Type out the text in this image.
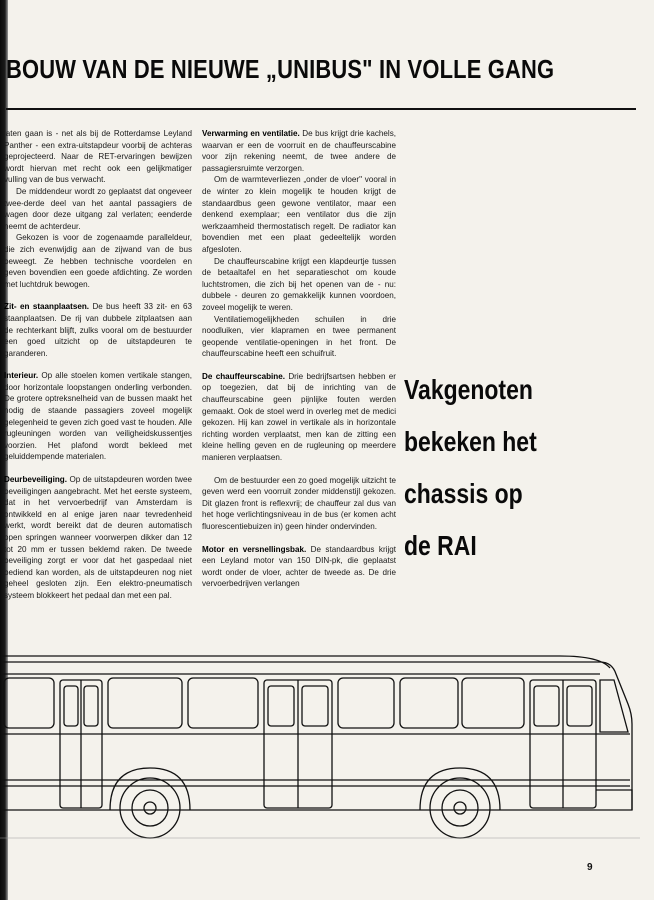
BOUW VAN DE NIEUWE „UNIBUS" IN VOLLE GANG

laten gaan is - net als bij de Rotterdamse Leyland Panther - een extra-uitstapdeur voorbij de achteras geprojecteerd. Naar de RET-ervaringen bewijzen wordt hiervan met recht ook een gelijkmatiger vulling van de bus verwacht.

De middendeur wordt zo geplaatst dat ongeveer twee-derde deel van het aantal passagiers de wagen door deze uitgang zal verlaten; eenderde neemt de achterdeur.

Gekozen is voor de zogenaamde paralleldeur, die zich evenwijdig aan de zijwand van de bus beweegt. Ze hebben technische voordelen en geven bovendien een goede afdichting. Ze worden met luchtdruk bewogen.

Zit- en staanplaatsen. De bus heeft 33 zit- en 63 staanplaatsen. De rij van dubbele zitplaatsen aan de rechterkant blijft, zulks vooral om de bestuurder een goed uitzicht op de uitstapdeuren te garanderen.

Interieur. Op alle stoelen komen vertikale stangen, door horizontale loopstangen onderling verbonden. De grotere optreksnelheid van de bussen maakt het nodig de staande passagiers zoveel mogelijk gelegenheid te geven zich goed vast te houden. Alle rugleuningen worden van veiligheidskussentjes voorzien. Het plafond wordt bekleed met geluiddempende materialen.

Deurbeveiliging. Op de uitstapdeuren worden twee beveiligingen aangebracht. Met het eerste systeem, dat in het vervoerbedrijf van Amsterdam is ontwikkeld en al enige jaren naar tevredenheid werkt, wordt bereikt dat de deuren automatisch open springen wanneer voorwerpen dikker dan 12 tot 20 mm er tussen beklemd raken. De tweede beveiliging zorgt er voor dat het gaspedaal niet bediend kan worden, als de uitstapdeuren nog niet geheel gesloten zijn. Een elektro-pneumatisch systeem blokkeert het pedaal dan met een pal.

Verwarming en ventilatie. De bus krijgt drie kachels, waarvan er een de voorruit en de chauffeurscabine voor zijn rekening neemt, de twee andere de passagiersruimte verzorgen.

Om de warmteverliezen „onder de vloer" vooral in de winter zo klein mogelijk te houden krijgt de standaardbus geen gewone ventilator, maar een denkend exemplaar; een ventilator dus die zijn werkzaamheid thermostatisch regelt. De radiator kan bovendien met een plaat gedeeltelijk worden afgesloten.

De chauffeurscabine krijgt een klapdeurtje tussen de betaaltafel en het separatieschot om koude luchtstromen, die zich bij het openen van de - nu: dubbele - deuren zo gemakkelijk kunnen voordoen, zoveel mogelijk te weren.

Ventilatiemogelijkheden schuilen in drie noodluiken, vier klapramen en twee permanent geopende ventilatie-openingen in het front. De chauffeurscabine heeft een schuifruit.

De chauffeurscabine. Drie bedrijfsartsen hebben er op toegezien, dat bij de inrichting van de chauffeurscabine geen pijnlijke fouten werden gemaakt. Ook de stoel werd in overleg met de medici gekozen. Hij kan zowel in vertikale als in horizontale richting worden verplaatst, men kan de zitting een kleine helling geven en de rugleuning op meerdere manieren verplaatsen.

Om de bestuurder een zo goed mogelijk uitzicht te geven werd een voorruit zonder middenstijl gekozen. Dit glazen front is reflexvrij; de chauffeur zal dus van het hoge verlichtingsniveau in de bus (er komen acht fluorescentiebuizen in) geen hinder ondervinden.

Motor en versnellingsbak. De standaardbus krijgt een Leyland motor van 150 DIN-pk, die geplaatst wordt onder de vloer, achter de tweede as. De drie vervoerbedrijven verlangen

Vakgenoten
bekeken het
chassis op
de RAI
9
